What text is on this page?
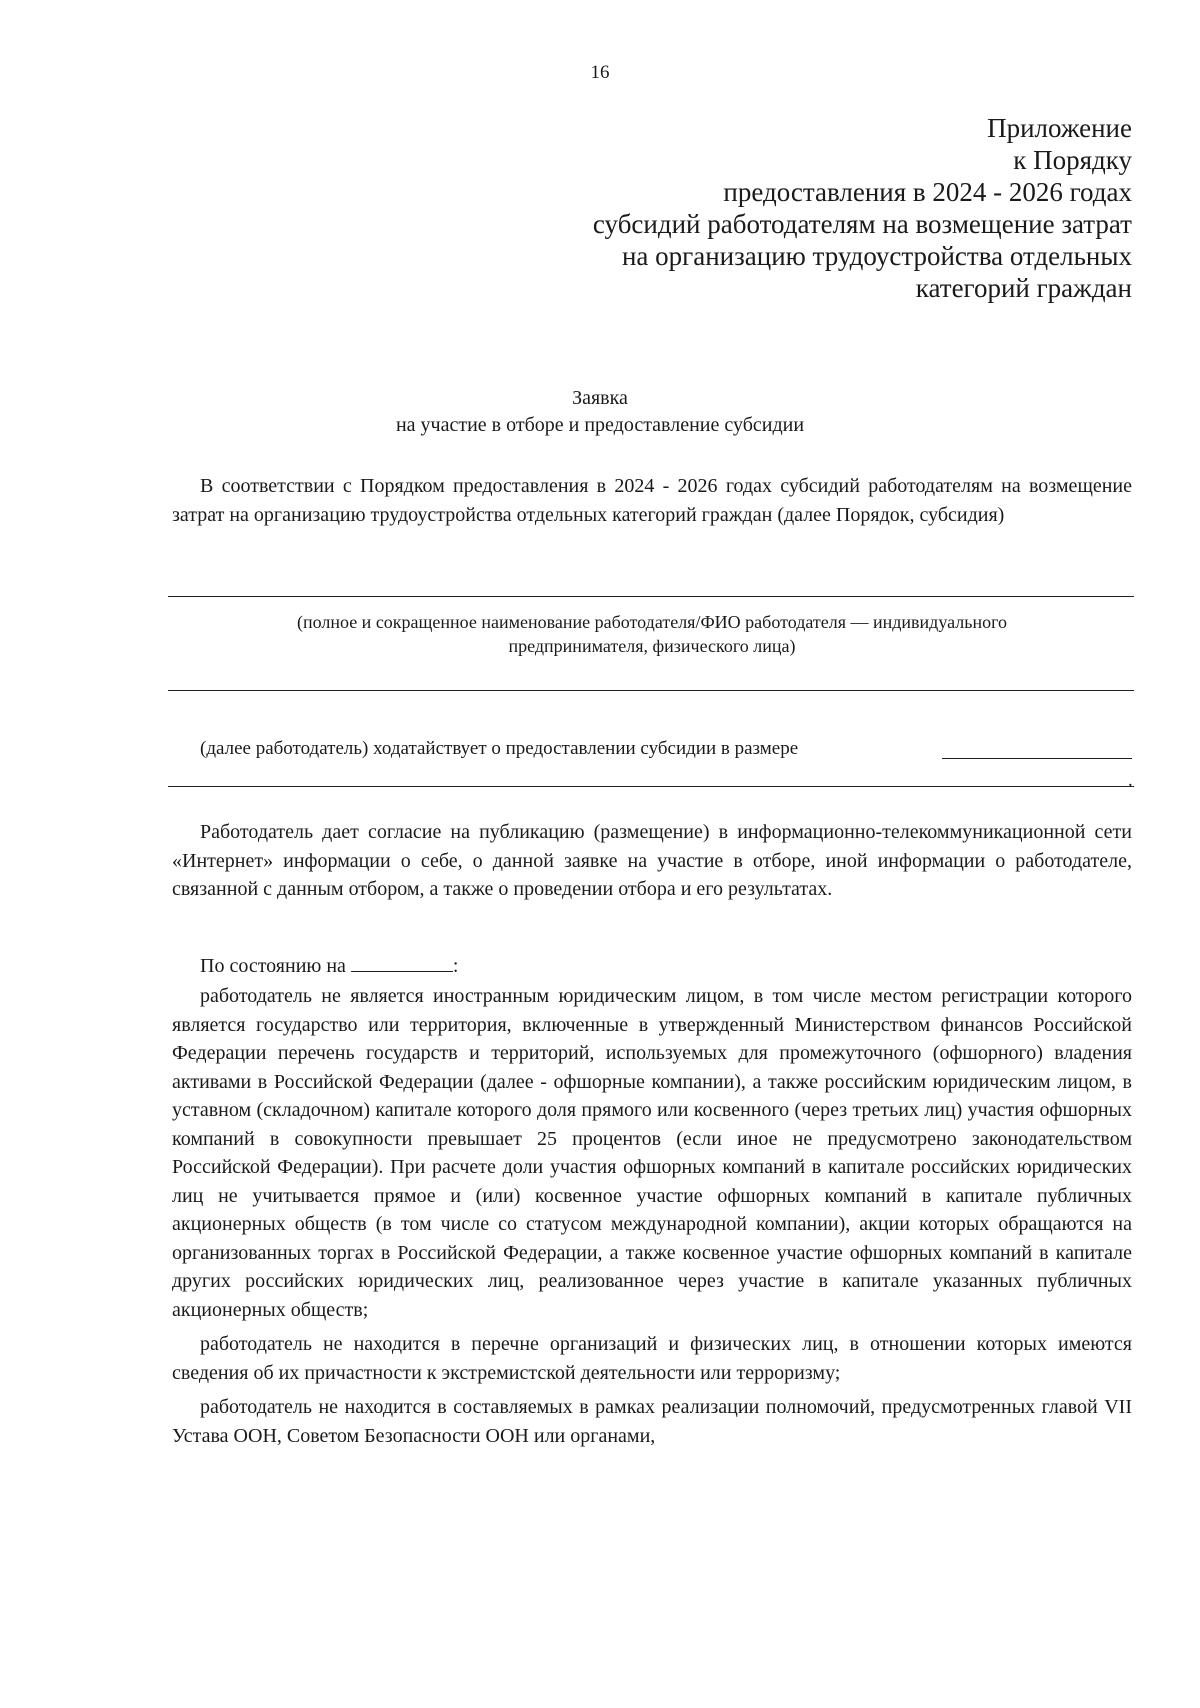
16
Приложение
к Порядку
предоставления в 2024 - 2026 годах
субсидий работодателям на возмещение затрат
на организацию трудоустройства отдельных
категорий граждан
Заявка
на участие в отборе и предоставление субсидии

В соответствии с Порядком предоставления в 2024 - 2026 годах субсидий работодателям на возмещение затрат на организацию трудоустройства отдельных категорий граждан (далее Порядок, субсидия)

(полное и сокращенное наименование работодателя/ФИО работодателя — индивидуального
предпринимателя, физического лица)
(далее работодатель) ходатайствует о предоставлении субсидии в размере
.

Работодатель дает согласие на публикацию (размещение) в информационно-телекоммуникационной сети «Интернет» информации о себе, о данной заявке на участие в отборе, иной информации о работодателе, связанной с данным отбором, а также о проведении отбора и его результатах.

По состоянию на	:

работодатель не является иностранным юридическим лицом, в том числе местом регистрации которого является государство или территория, включенные в утвержденный Министерством финансов Российской Федерации перечень государств и территорий, используемых для промежуточного (офшорного) владения активами в Российской Федерации (далее - офшорные компании), а также российским юридическим лицом, в уставном (складочном) капитале которого доля прямого или косвенного (через третьих лиц) участия офшорных компаний в совокупности превышает 25 процентов (если иное не предусмотрено законодательством Российской Федерации). При расчете доли участия офшорных компаний в капитале российских юридических лиц не учитывается прямое и (или) косвенное участие офшорных компаний в капитале публичных акционерных обществ (в том числе со статусом международной компании), акции которых обращаются на организованных торгах в Российской Федерации, а также косвенное участие офшорных компаний в капитале других российских юридических лиц, реализованное через участие в капитале указанных публичных акционерных обществ;

работодатель не находится в перечне организаций и физических лиц, в отношении которых имеются сведения об их причастности к экстремистской деятельности или терроризму;

работодатель не находится в составляемых в рамках реализации полномочий, предусмотренных главой VII Устава ООН, Советом Безопасности ООН или органами,
